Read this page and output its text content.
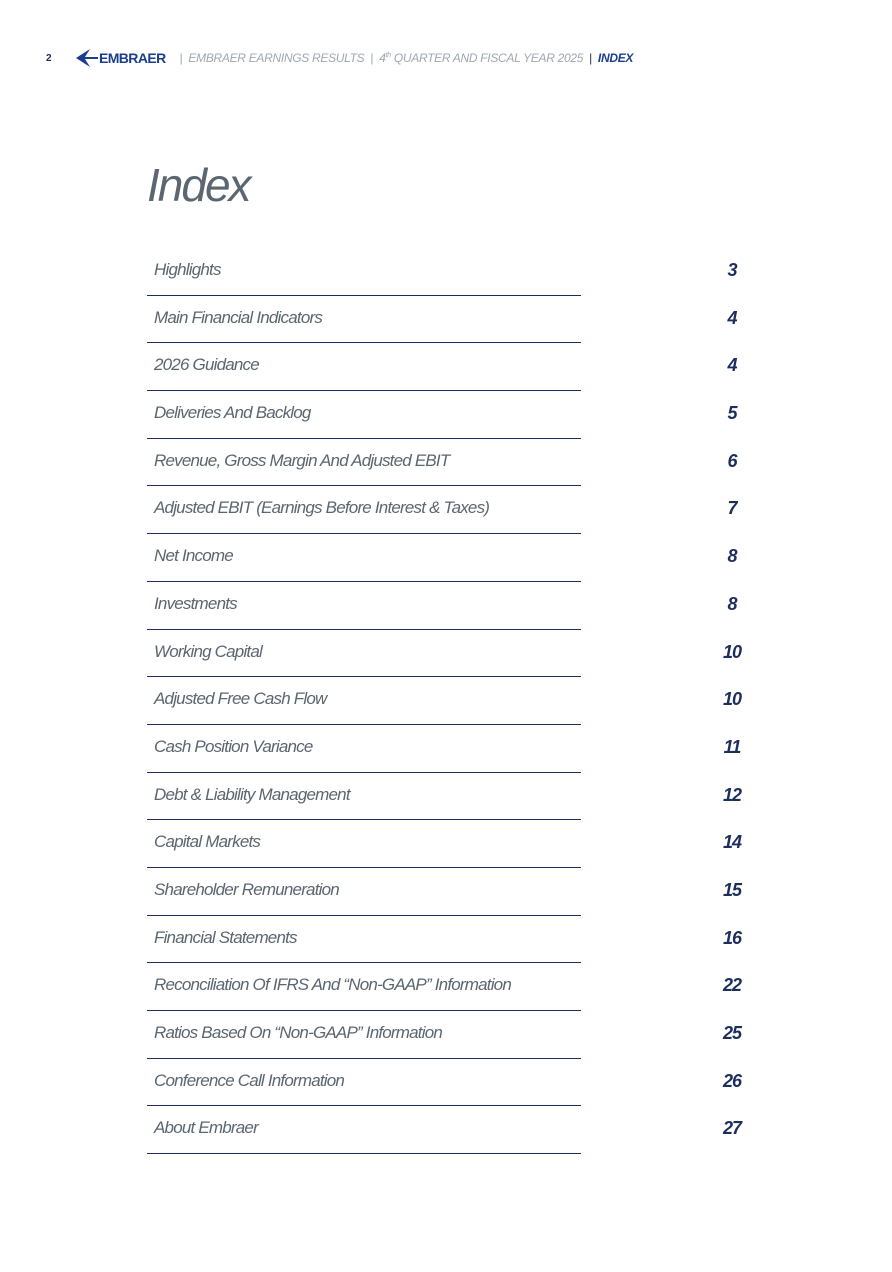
2	EMBRAER | EMBRAER EARNINGS RESULTS | 4th QUARTER AND FISCAL YEAR 2025 | INDEX
Index
Highlights	3
Main Financial Indicators	4
2026 Guidance	4
Deliveries And Backlog	5
Revenue, Gross Margin And Adjusted EBIT	6
Adjusted EBIT (Earnings Before Interest & Taxes)	7
Net Income	8
Investments	8
Working Capital	10
Adjusted Free Cash Flow	10
Cash Position Variance	11
Debt & Liability Management	12
Capital Markets	14
Shareholder Remuneration	15
Financial Statements	16
Reconciliation Of IFRS And “Non-GAAP” Information	22
Ratios Based On “Non-GAAP” Information	25
Conference Call Information	26
About Embraer	27
